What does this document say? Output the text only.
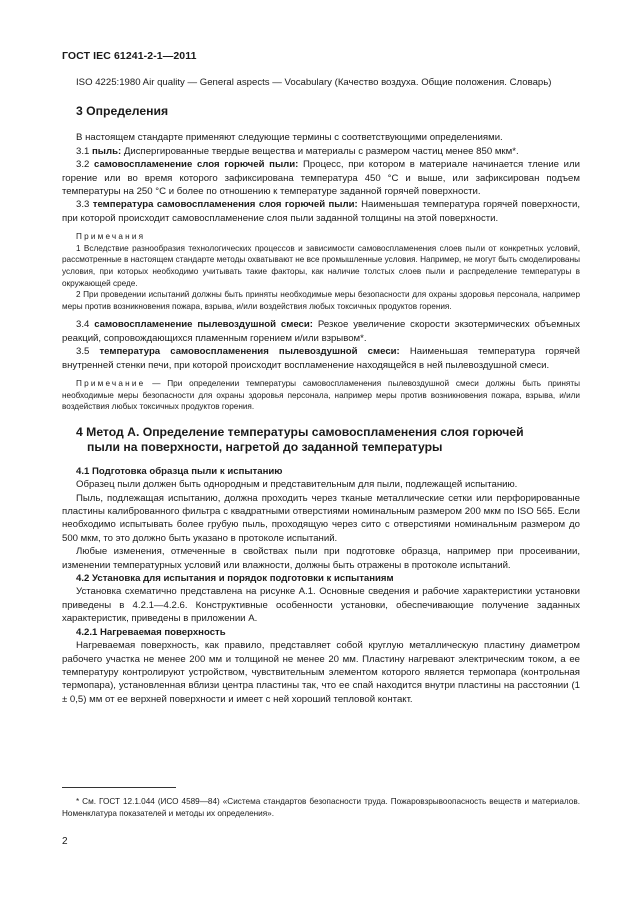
ГОСТ IEC 61241-2-1—2011

ISO 4225:1980 Air quality — General aspects — Vocabulary (Качество воздуха. Общие положения. Словарь)

3 Определения

В настоящем стандарте применяют следующие термины с соответствующими определениями.

3.1 пыль: Диспергированные твердые вещества и материалы с размером частиц менее 850 мкм*.

3.2 самовоспламенение слоя горючей пыли: Процесс, при котором в материале начинается тление или горение или во время которого зафиксирована температура 450 °С и выше, или зафиксирован подъем температуры на 250 °С и более по отношению к температуре заданной горячей поверхности.

3.3 температура самовоспламенения слоя горючей пыли: Наименьшая температура горячей поверхности, при которой происходит самовоспламенение слоя пыли заданной толщины на этой поверхности.

Примечания

1 Вследствие разнообразия технологических процессов и зависимости самовоспламенения слоев пыли от конкретных условий, рассмотренные в настоящем стандарте методы охватывают не все промышленные условия. Например, не могут быть смоделированы условия, при которых необходимо учитывать такие факторы, как наличие толстых слоев пыли и распределение температуры в окружающей среде.

2 При проведении испытаний должны быть приняты необходимые меры безопасности для охраны здоровья персонала, например меры против возникновения пожара, взрыва, и/или воздействия любых токсичных продуктов горения.

3.4 самовоспламенение пылевоздушной смеси: Резкое увеличение скорости экзотермических объемных реакций, сопровождающихся пламенным горением и/или взрывом*.

3.5 температура самовоспламенения пылевоздушной смеси: Наименьшая температура горячей внутренней стенки печи, при которой происходит воспламенение находящейся в ней пылевоздушной смеси.

Примечание — При определении температуры самовоспламенения пылевоздушной смеси должны быть приняты необходимые меры безопасности для охраны здоровья персонала, например меры против возникновения пожара, взрыва, и/или воздействия любых токсичных продуктов горения.

4 Метод А. Определение температуры самовоспламенения слоя горючей
пыли на поверхности, нагретой до заданной температуры

4.1 Подготовка образца пыли к испытанию

Образец пыли должен быть однородным и представительным для пыли, подлежащей испытанию.

Пыль, подлежащая испытанию, должна проходить через тканые металлические сетки или перфорированные пластины калиброванного фильтра с квадратными отверстиями номинальным размером 200 мкм по ISO 565. Если необходимо испытывать более грубую пыль, проходящую через сито с отверстиями номинальным размером до 500 мкм, то это должно быть указано в протоколе испытаний.

Любые изменения, отмеченные в свойствах пыли при подготовке образца, например при просеивании, изменении температурных условий или влажности, должны быть отражены в протоколе испытаний.

4.2 Установка для испытания и порядок подготовки к испытаниям

Установка схематично представлена на рисунке А.1. Основные сведения и рабочие характеристики установки приведены в 4.2.1—4.2.6. Конструктивные особенности установки, обеспечивающие получение заданных характеристик, приведены в приложении А.

4.2.1 Нагреваемая поверхность

Нагреваемая поверхность, как правило, представляет собой круглую металлическую пластину диаметром рабочего участка не менее 200 мм и толщиной не менее 20 мм. Пластину нагревают электрическим током, а ее температуру контролируют устройством, чувствительным элементом которого является термопара (контрольная термопара), установленная вблизи центра пластины так, что ее спай находится внутри пластины на расстоянии (1 ± 0,5) мм от ее верхней поверхности и имеет с ней хороший тепловой контакт.

* См. ГОСТ 12.1.044 (ИСО 4589—84) «Система стандартов безопасности труда. Пожаровзрывоопасность веществ и материалов. Номенклатура показателей и методы их определения».
2
